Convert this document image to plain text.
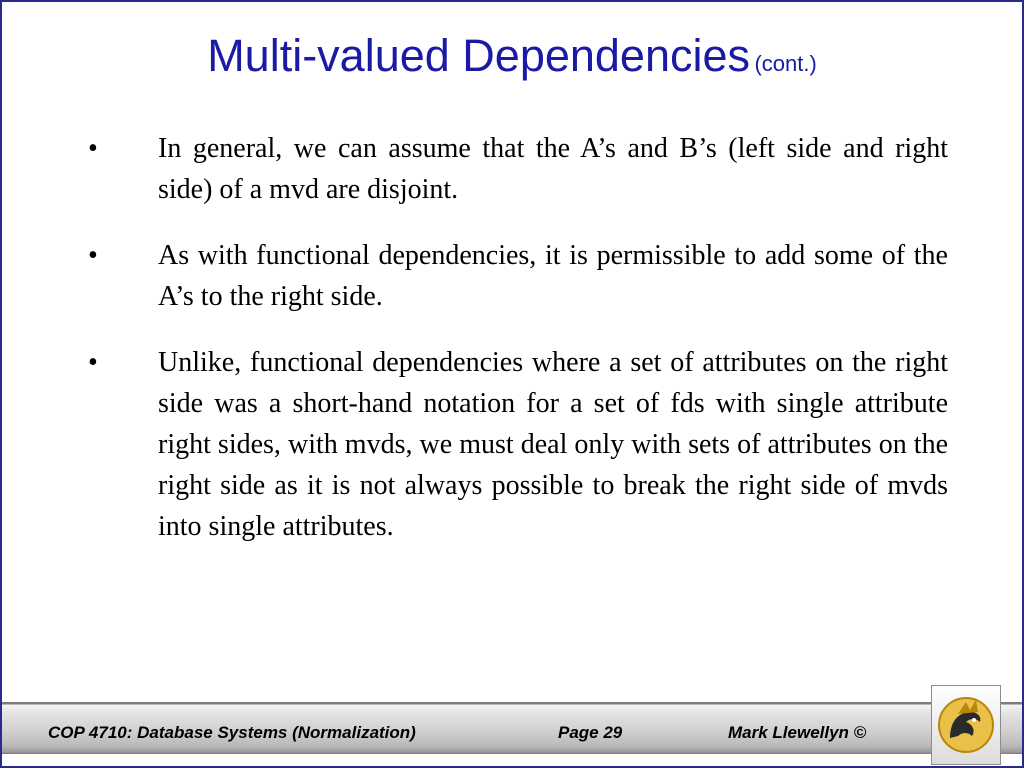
Multi-valued Dependencies (cont.)
• In general, we can assume that the A’s and B’s (left side and right side) of a mvd are disjoint.
• As with functional dependencies, it is permissible to add some of the A’s to the right side.
• Unlike, functional dependencies where a set of attributes on the right side was a short-hand notation for a set of fds with single attribute right sides, with mvds, we must deal only with sets of attributes on the right side as it is not always possible to break the right side of mvds into single attributes.
COP 4710: Database Systems (Normalization)	Page 29	Mark Llewellyn ©
